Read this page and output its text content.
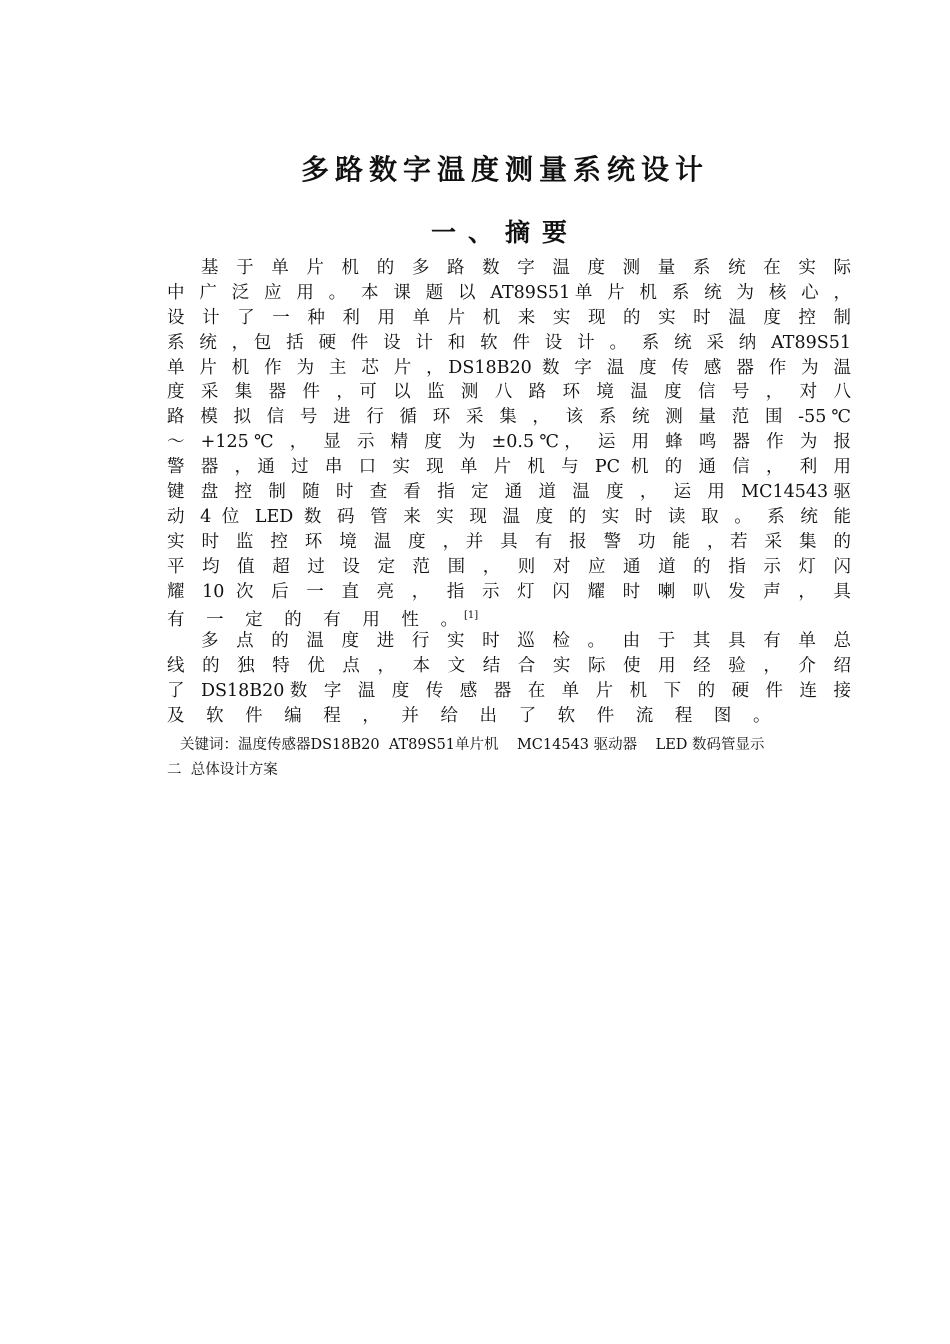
多路数字温度测量系统设计
一、摘要
基 于 单 片 机 的 多 路 数 字 温 度 测 量 系 统 在 实 际
中 广 泛 应 用 。 本 课 题 以 AT89S51单 片 机 系 统 为 核 心 ，
设 计 了 一 种 利 用 单 片 机 来 实 现 的 实 时 温 度 控 制
系 统 ，包 括 硬 件 设 计 和 软 件 设 计 。 系 统 采 纳 AT89S51
单 片 机 作 为 主 芯 片 ，DS18B20 数 字 温 度 传 感 器 作 为 温
度 采 集 器 件 ，可 以 监 测 八 路 环 境 温 度 信 号 ， 对 八
路 模 拟 信 号 进 行 循 环 采 集 ， 该 系 统 测 量 范 围 -55℃
～ +125℃ ， 显 示 精 度 为 ±0.5℃， 运 用 蜂 鸣 器 作 为 报
警 器 ，通 过 串 口 实 现 单 片 机 与 PC 机 的 通 信 ， 利 用
键 盘 控 制 随 时 查 看 指 定 通 道 温 度 ， 运 用 MC14543驱
动 4 位 LED 数 码 管 来 实 现 温 度 的 实 时 读 取 。 系 统 能
实 时 监 控 环 境 温 度 ，并 具 有 报 警 功 能 ，若 采 集 的
平 均 值 超 过 设 定 范 围 ， 则 对 应 通 道 的 指 示 灯 闪
耀 10 次 后 一 直 亮 ， 指 示 灯 闪 耀 时 喇 叭 发 声 ， 具
有 一 定 的 有 用 性 。 [1]
多 点 的 温 度 进 行 实 时 巡 检 。 由 于 其 具 有 单 总
线 的 独 特 优 点 ， 本 文 结 合 实 际 使 用 经 验 ， 介 绍
了 DS18B20数 字 温 度 传 感 器 在 单 片 机 下 的 硬 件 连 接
及 软 件 编 程 ， 并 给 出 了 软 件 流 程 图 。
关键词：温度传感器DS18B20  AT89S51单片机    MC14543 驱动器    LED 数码管显示
二  总体设计方案
